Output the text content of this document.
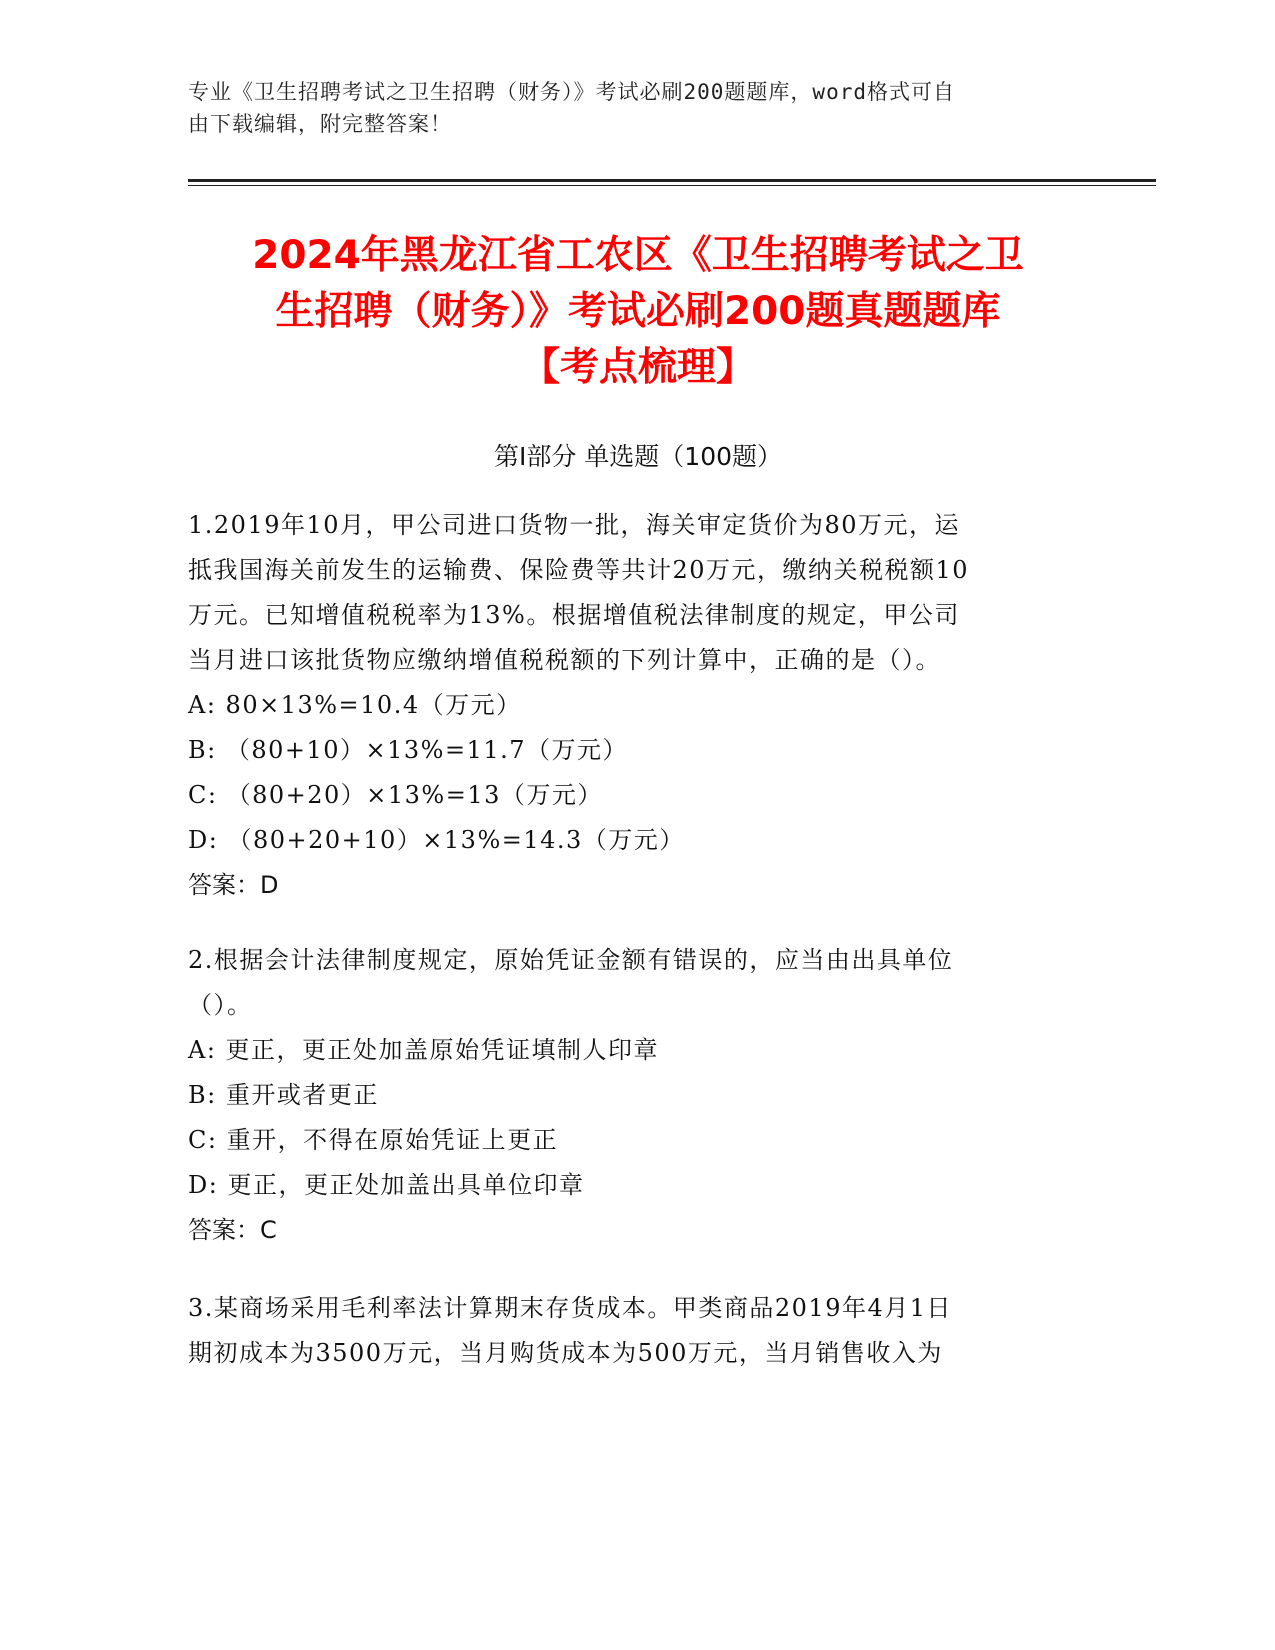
专业《卫生招聘考试之卫生招聘（财务）》考试必刷200题题库，word格式可自
由下载编辑，附完整答案！
2024年黑龙江省工农区《卫生招聘考试之卫
生招聘（财务）》考试必刷200题真题题库
【考点梳理】
第Ⅰ部分 单选题（100题）
1.2019年10月，甲公司进口货物一批，海关审定货价为80万元，运
抵我国海关前发生的运输费、保险费等共计20万元，缴纳关税税额10
万元。已知增值税税率为13%。根据增值税法律制度的规定，甲公司
当月进口该批货物应缴纳增值税税额的下列计算中，正确的是（）。
A: 80×13%=10.4（万元）
B: （80+10）×13%=11.7（万元）
C: （80+20）×13%=13（万元）
D: （80+20+10）×13%=14.3（万元）
答案：D
2.根据会计法律制度规定，原始凭证金额有错误的，应当由出具单位
（）。
A: 更正，更正处加盖原始凭证填制人印章
B: 重开或者更正
C: 重开，不得在原始凭证上更正
D: 更正，更正处加盖出具单位印章
答案：C
3.某商场采用毛利率法计算期末存货成本。甲类商品2019年4月1日
期初成本为3500万元，当月购货成本为500万元，当月销售收入为
